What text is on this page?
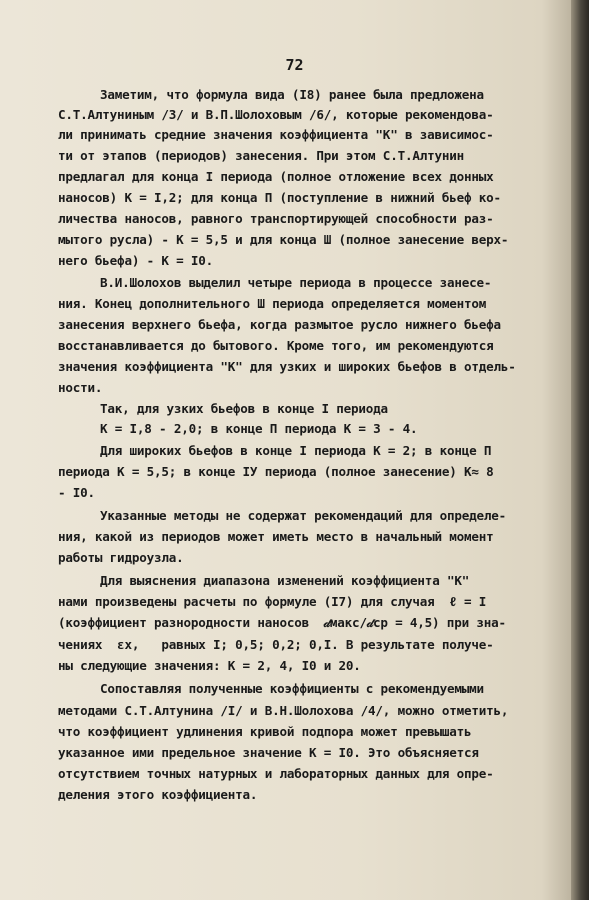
72
Заметим, что формула вида (I8) ранее была предложена
С.Т.Алтуниным /3/ и В.П.Шолоховым /6/, которые рекомендова-
ли принимать средние значения коэффициента "К" в зависимос-
ти от этапов (периодов) занесения. При этом С.Т.Алтунин
предлагал для конца I периода (полное отложение всех донных
наносов) К = I,2; для конца П (поступление в нижний бьеф ко-
личества наносов, равного транспортирующей способности раз-
мытого русла) - К = 5,5 и для конца Ш (полное занесение верх-
него бьефа) - К = I0.
В.И.Шолохов выделил четыре периода в процессе занесе-
ния. Конец дополнительного Ш периода определяется моментом
занесения верхнего бьефа, когда размытое русло нижнего бьефа
восстанавливается до бытового. Кроме того, им рекомендуются
значения коэффициента "К" для узких и широких бьефов в отдель-
ности.
Так, для узких бьефов в конце I периода
К = I,8 - 2,0; в конце П периода К = 3 - 4.
Для широких бьефов в конце I периода К = 2; в конце П
периода К = 5,5; в конце IУ периода (полное занесение) К≈ 8
- I0.
Указанные методы не содержат рекомендаций для определе-
ния, какой из периодов может иметь место в начальный момент
работы гидроузла.
Для выяснения диапазона изменений коэффициента "К"
нами произведены расчеты по формуле (I7) для случая  ℓ = I
(коэффициент разнородности наносов  𝒹макс/𝒹ср = 4,5) при зна-
чениях  εx,   равных I; 0,5; 0,2; 0,I. В результате получе-
ны следующие значения: К = 2, 4, I0 и 20.
Сопоставляя полученные коэффициенты с рекомендуемыми
методами С.Т.Алтунина /I/ и В.Н.Шолохова /4/, можно отметить,
что коэффициент удлинения кривой подпора может превышать
указанное ими предельное значение К = I0. Это объясняется
отсутствием точных натурных и лабораторных данных для опре-
деления этого коэффициента.
